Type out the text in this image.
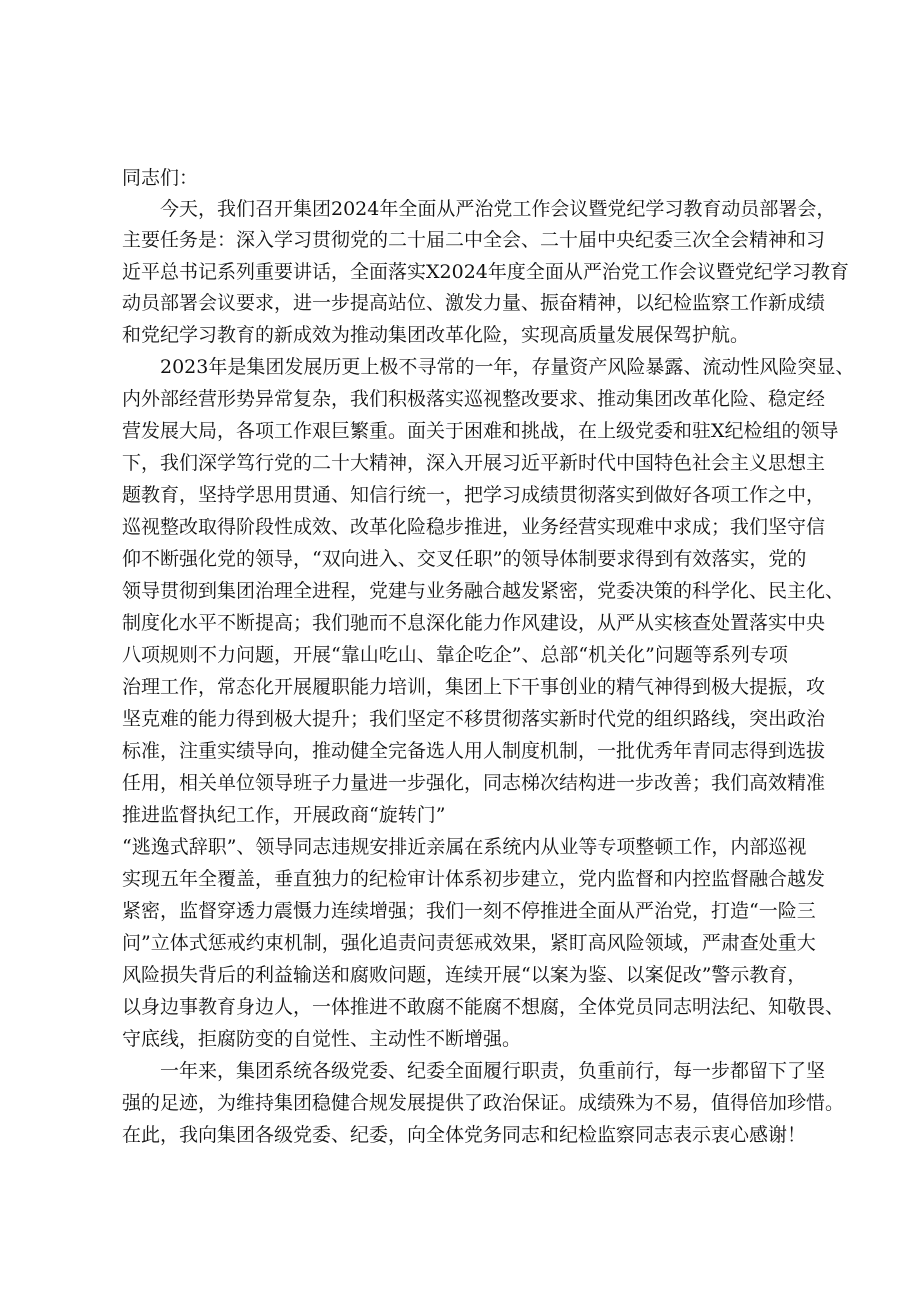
同志们：
今天，我们召开集团2024年全面从严治党工作会议暨党纪学习教育动员部署会，
主要任务是：深入学习贯彻党的二十届二中全会、二十届中央纪委三次全会精神和习
近平总书记系列重要讲话，全面落实X2024年度全面从严治党工作会议暨党纪学习教育
动员部署会议要求，进一步提高站位、激发力量、振奋精神，以纪检监察工作新成绩
和党纪学习教育的新成效为推动集团改革化险，实现高质量发展保驾护航。
2023年是集团发展历更上极不寻常的一年，存量资产风险暴露、流动性风险突显、
内外部经营形势异常复杂，我们积极落实巡视整改要求、推动集团改革化险、稳定经
营发展大局，各项工作艰巨繁重。面关于困难和挑战，在上级党委和驻X纪检组的领导
下，我们深学笃行党的二十大精神，深入开展习近平新时代中国特色社会主义思想主
题教育，坚持学思用贯通、知信行统一，把学习成绩贯彻落实到做好各项工作之中，
巡视整改取得阶段性成效、改革化险稳步推进，业务经营实现难中求成；我们坚守信
仰不断强化党的领导，“双向进入、交叉任职”的领导体制要求得到有效落实，党的
领导贯彻到集团治理全进程，党建与业务融合越发紧密，党委决策的科学化、民主化、
制度化水平不断提高；我们驰而不息深化能力作风建设，从严从实核查处置落实中央
八项规则不力问题，开展“靠山吃山、靠企吃企”、总部“机关化”问题等系列专项
治理工作，常态化开展履职能力培训，集团上下干事创业的精气神得到极大提振，攻
坚克难的能力得到极大提升；我们坚定不移贯彻落实新时代党的组织路线，突出政治
标准，注重实绩导向，推动健全完备选人用人制度机制，一批优秀年青同志得到选拔
任用，相关单位领导班子力量进一步强化，同志梯次结构进一步改善；我们高效精准
推进监督执纪工作，开展政商“旋转门”
“逃逸式辞职”、领导同志违规安排近亲属在系统内从业等专项整顿工作，内部巡视
实现五年全覆盖，垂直独力的纪检审计体系初步建立，党内监督和内控监督融合越发
紧密，监督穿透力震慑力连续增强；我们一刻不停推进全面从严治党，打造“一险三
问”立体式惩戒约束机制，强化追责问责惩戒效果，紧盯高风险领域，严肃查处重大
风险损失背后的利益输送和腐败问题，连续开展“以案为鉴、以案促改”警示教育，
以身边事教育身边人，一体推进不敢腐不能腐不想腐，全体党员同志明法纪、知敬畏、
守底线，拒腐防变的自觉性、主动性不断增强。
一年来，集团系统各级党委、纪委全面履行职责，负重前行，每一步都留下了坚
强的足迹，为维持集团稳健合规发展提供了政治保证。成绩殊为不易，值得倍加珍惜。
在此，我向集团各级党委、纪委，向全体党务同志和纪检监察同志表示衷心感谢！
